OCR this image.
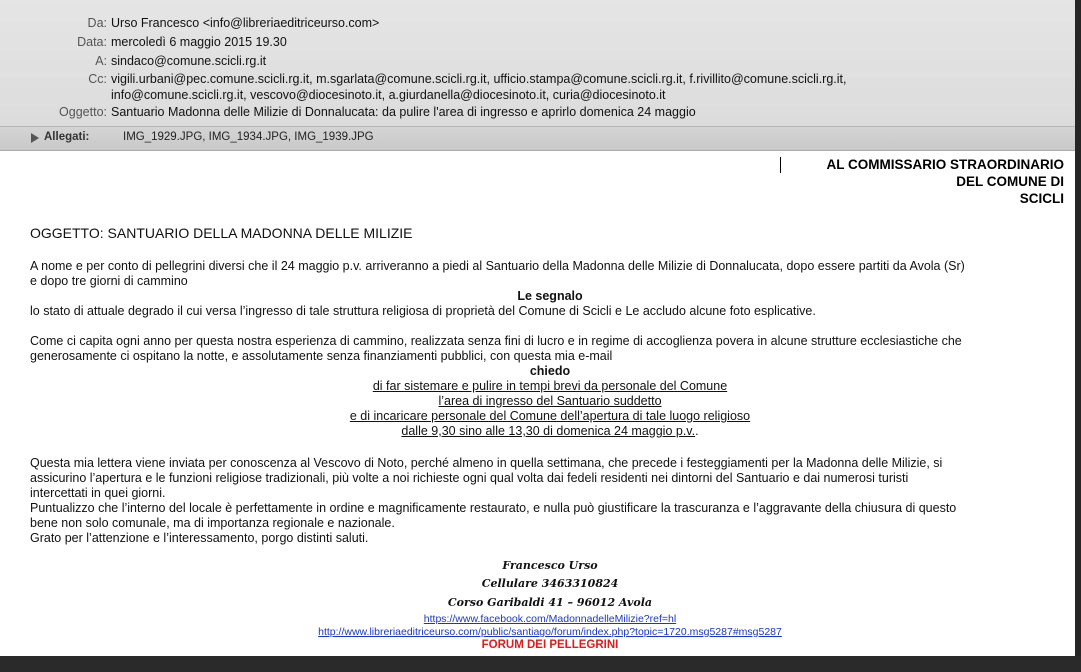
Da: Urso Francesco <info@libreriaeditriceurso.com>
Data: mercoledì 6 maggio 2015 19.30
A: sindaco@comune.scicli.rg.it
Cc: vigili.urbani@pec.comune.scicli.rg.it, m.sgarlata@comune.scicli.rg.it, ufficio.stampa@comune.scicli.rg.it, f.rivillito@comune.scicli.rg.it,
info@comune.scicli.rg.it, vescovo@diocesinoto.it, a.giurdanella@diocesinoto.it, curia@diocesinoto.it
Oggetto: Santuario Madonna delle Milizie di Donnalucata: da pulire l'area di ingresso e aprirlo domenica 24 maggio
Allegati:	IMG_1929.JPG, IMG_1934.JPG, IMG_1939.JPG
AL COMMISSARIO STRAORDINARIO
DEL COMUNE DI
SCICLI
OGGETTO: SANTUARIO DELLA MADONNA DELLE MILIZIE
A nome e per conto di pellegrini diversi che il 24 maggio p.v. arriveranno a piedi al Santuario della Madonna delle Milizie di Donnalucata, dopo essere partiti da Avola (Sr)
e dopo tre giorni di cammino
Le segnalo
lo stato di attuale degrado il cui versa l’ingresso di tale struttura religiosa di proprietà del Comune di Scicli e Le accludo alcune foto esplicative.
Come ci capita ogni anno per questa nostra esperienza di cammino, realizzata senza fini di lucro e in regime di accoglienza povera in alcune strutture ecclesiastiche che
generosamente ci ospitano la notte, e assolutamente senza finanziamenti pubblici, con questa mia e-mail
chiedo
di far sistemare e pulire in tempi brevi da personale del Comune
l’area di ingresso del Santuario suddetto
e di incaricare personale del Comune dell’apertura di tale luogo religioso
dalle 9,30 sino alle 13,30 di domenica 24 maggio p.v..
Questa mia lettera viene inviata per conoscenza al Vescovo di Noto, perché almeno in quella settimana, che precede i festeggiamenti per la Madonna delle Milizie, si
assicurino l’apertura e le funzioni religiose tradizionali, più volte a noi richieste ogni qual volta dai fedeli residenti nei dintorni del Santuario e dai numerosi turisti
intercettati in quei giorni.
Puntualizzo che l’interno del locale è perfettamente in ordine e magnificamente restaurato, e nulla può giustificare la trascuranza e l’aggravante della chiusura di questo
bene non solo comunale, ma di importanza regionale e nazionale.
Grato per l’attenzione e l’interessamento, porgo distinti saluti.
Francesco Urso
Cellulare 3463310824
Corso Garibaldi 41 – 96012 Avola
https://www.facebook.com/MadonnadelleMilizie?ref=hl
http://www.libreriaeditriceurso.com/public/santiago/forum/index.php?topic=1720.msg5287#msg5287
FORUM DEI PELLEGRINI
